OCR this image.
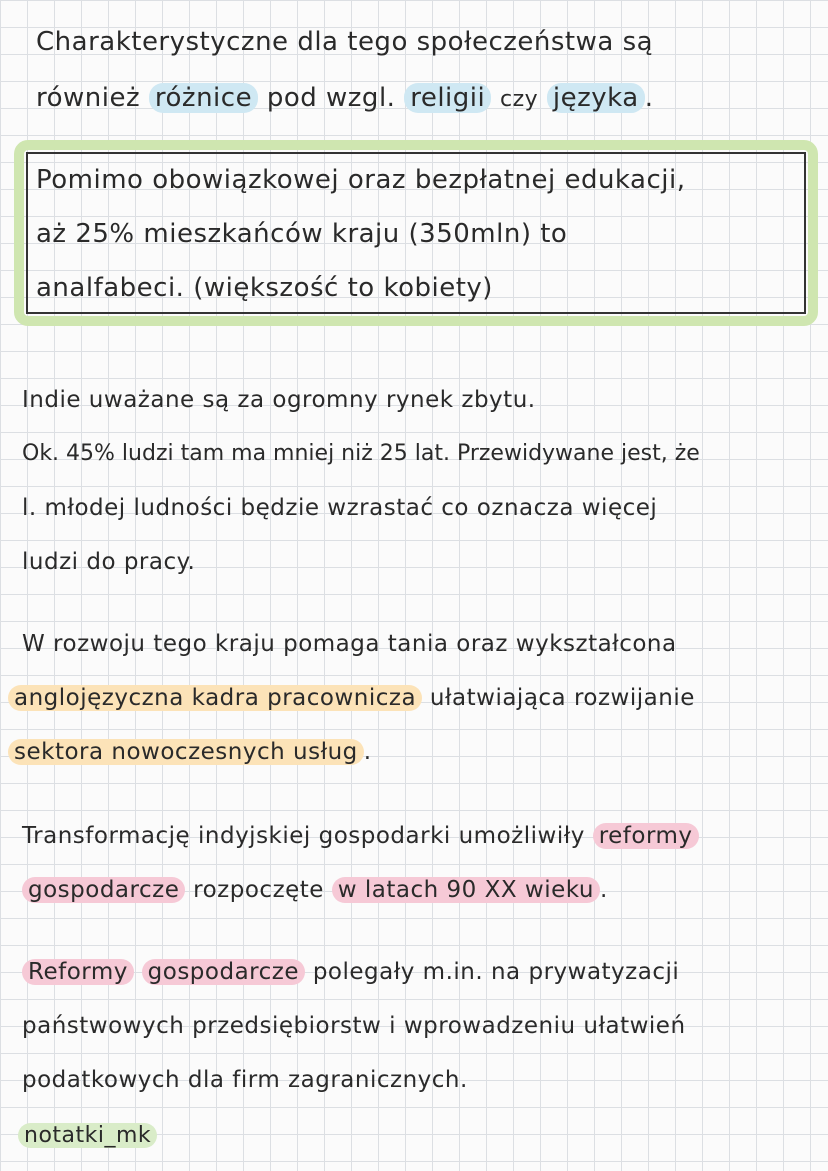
Charakterystyczne dla tego społeczeństwa są
również różnice pod wzgl. religii czy języka .
Pomimo obowiązkowej oraz bezpłatnej edukacji,
aż 25% mieszkańców kraju (350mln) to
analfabeci. (większość to kobiety)
Indie uważane są za ogromny rynek zbytu.
Ok. 45% ludzi tam ma mniej niż 25 lat. Przewidywane jest, że
l. młodej ludności będzie wzrastać co oznacza więcej
ludzi do pracy.
W rozwoju tego kraju pomaga tania oraz wykształcona
anglojęzyczna kadra pracownicza ułatwiająca rozwijanie
sektora nowoczesnych usług .
Transformację indyjskiej gospodarki umożliwiły reformy
gospodarcze rozpoczęte w latach 90 XX wieku .
Reformy gospodarcze polegały m.in. na prywatyzacji
państwowych przedsiębiorstw i wprowadzeniu ułatwień
podatkowych dla firm zagranicznych.
notatki_mk
